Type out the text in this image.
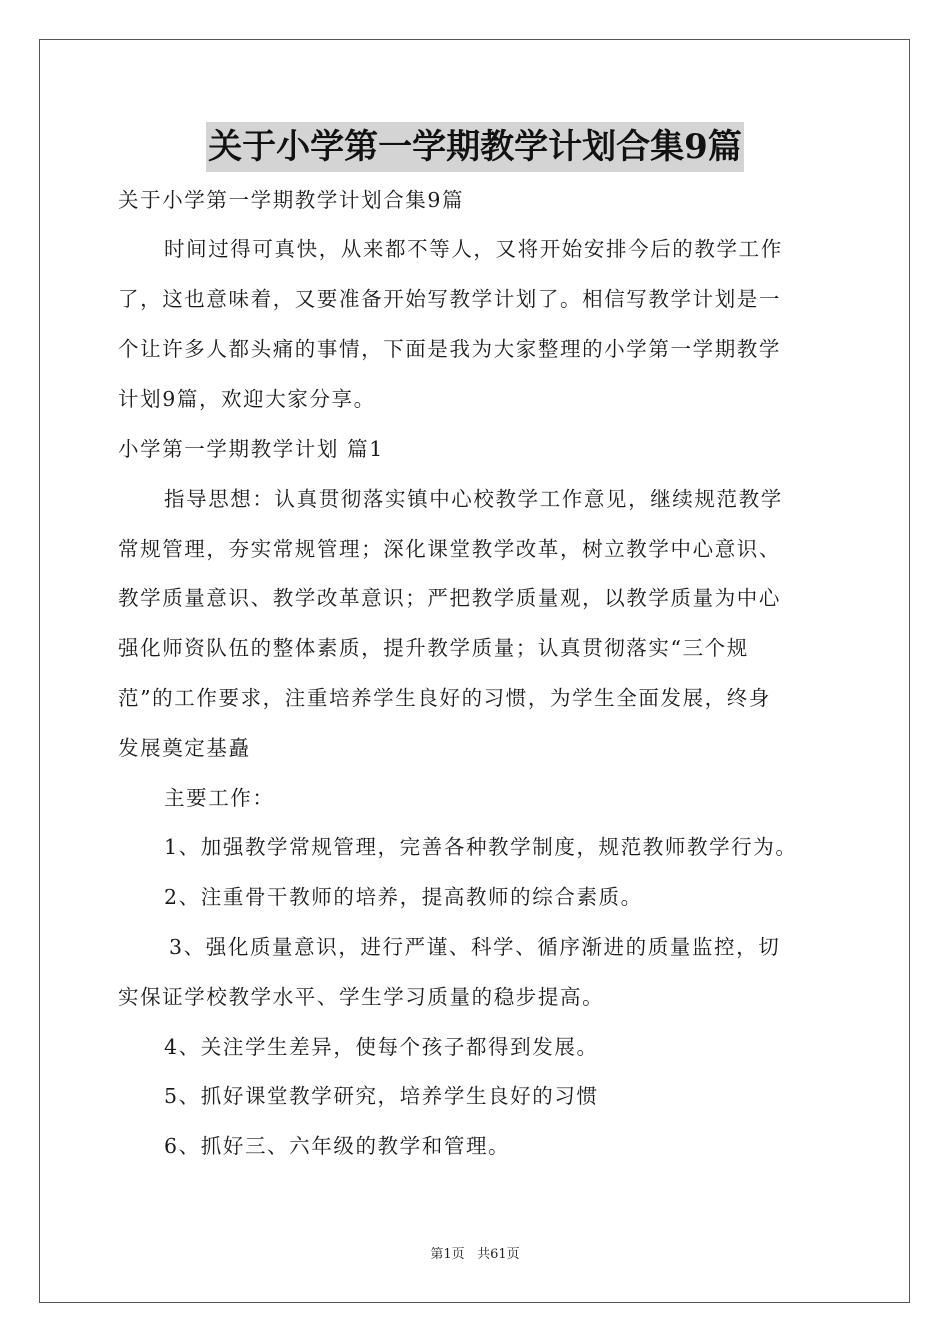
关于小学第一学期教学计划合集9篇
关于小学第一学期教学计划合集9篇
时间过得可真快，从来都不等人，又将开始安排今后的教学工作
了，这也意味着，又要准备开始写教学计划了。相信写教学计划是一
个让许多人都头痛的事情，下面是我为大家整理的小学第一学期教学
计划9篇，欢迎大家分享。
小学第一学期教学计划 篇1
指导思想：认真贯彻落实镇中心校教学工作意见，继续规范教学
常规管理，夯实常规管理；深化课堂教学改革，树立教学中心意识、
教学质量意识、教学改革意识；严把教学质量观，以教学质量为中心
强化师资队伍的整体素质，提升教学质量；认真贯彻落实“三个规
范”的工作要求，注重培养学生良好的习惯，为学生全面发展，终身
发展奠定基矗
主要工作：
1、加强教学常规管理，完善各种教学制度，规范教师教学行为。
2、注重骨干教师的培养，提高教师的综合素质。
3、强化质量意识，进行严谨、科学、循序渐进的质量监控，切
实保证学校教学水平、学生学习质量的稳步提高。
4、关注学生差异，使每个孩子都得到发展。
5、抓好课堂教学研究，培养学生良好的习惯
6、抓好三、六年级的教学和管理。
第1页 共61页
